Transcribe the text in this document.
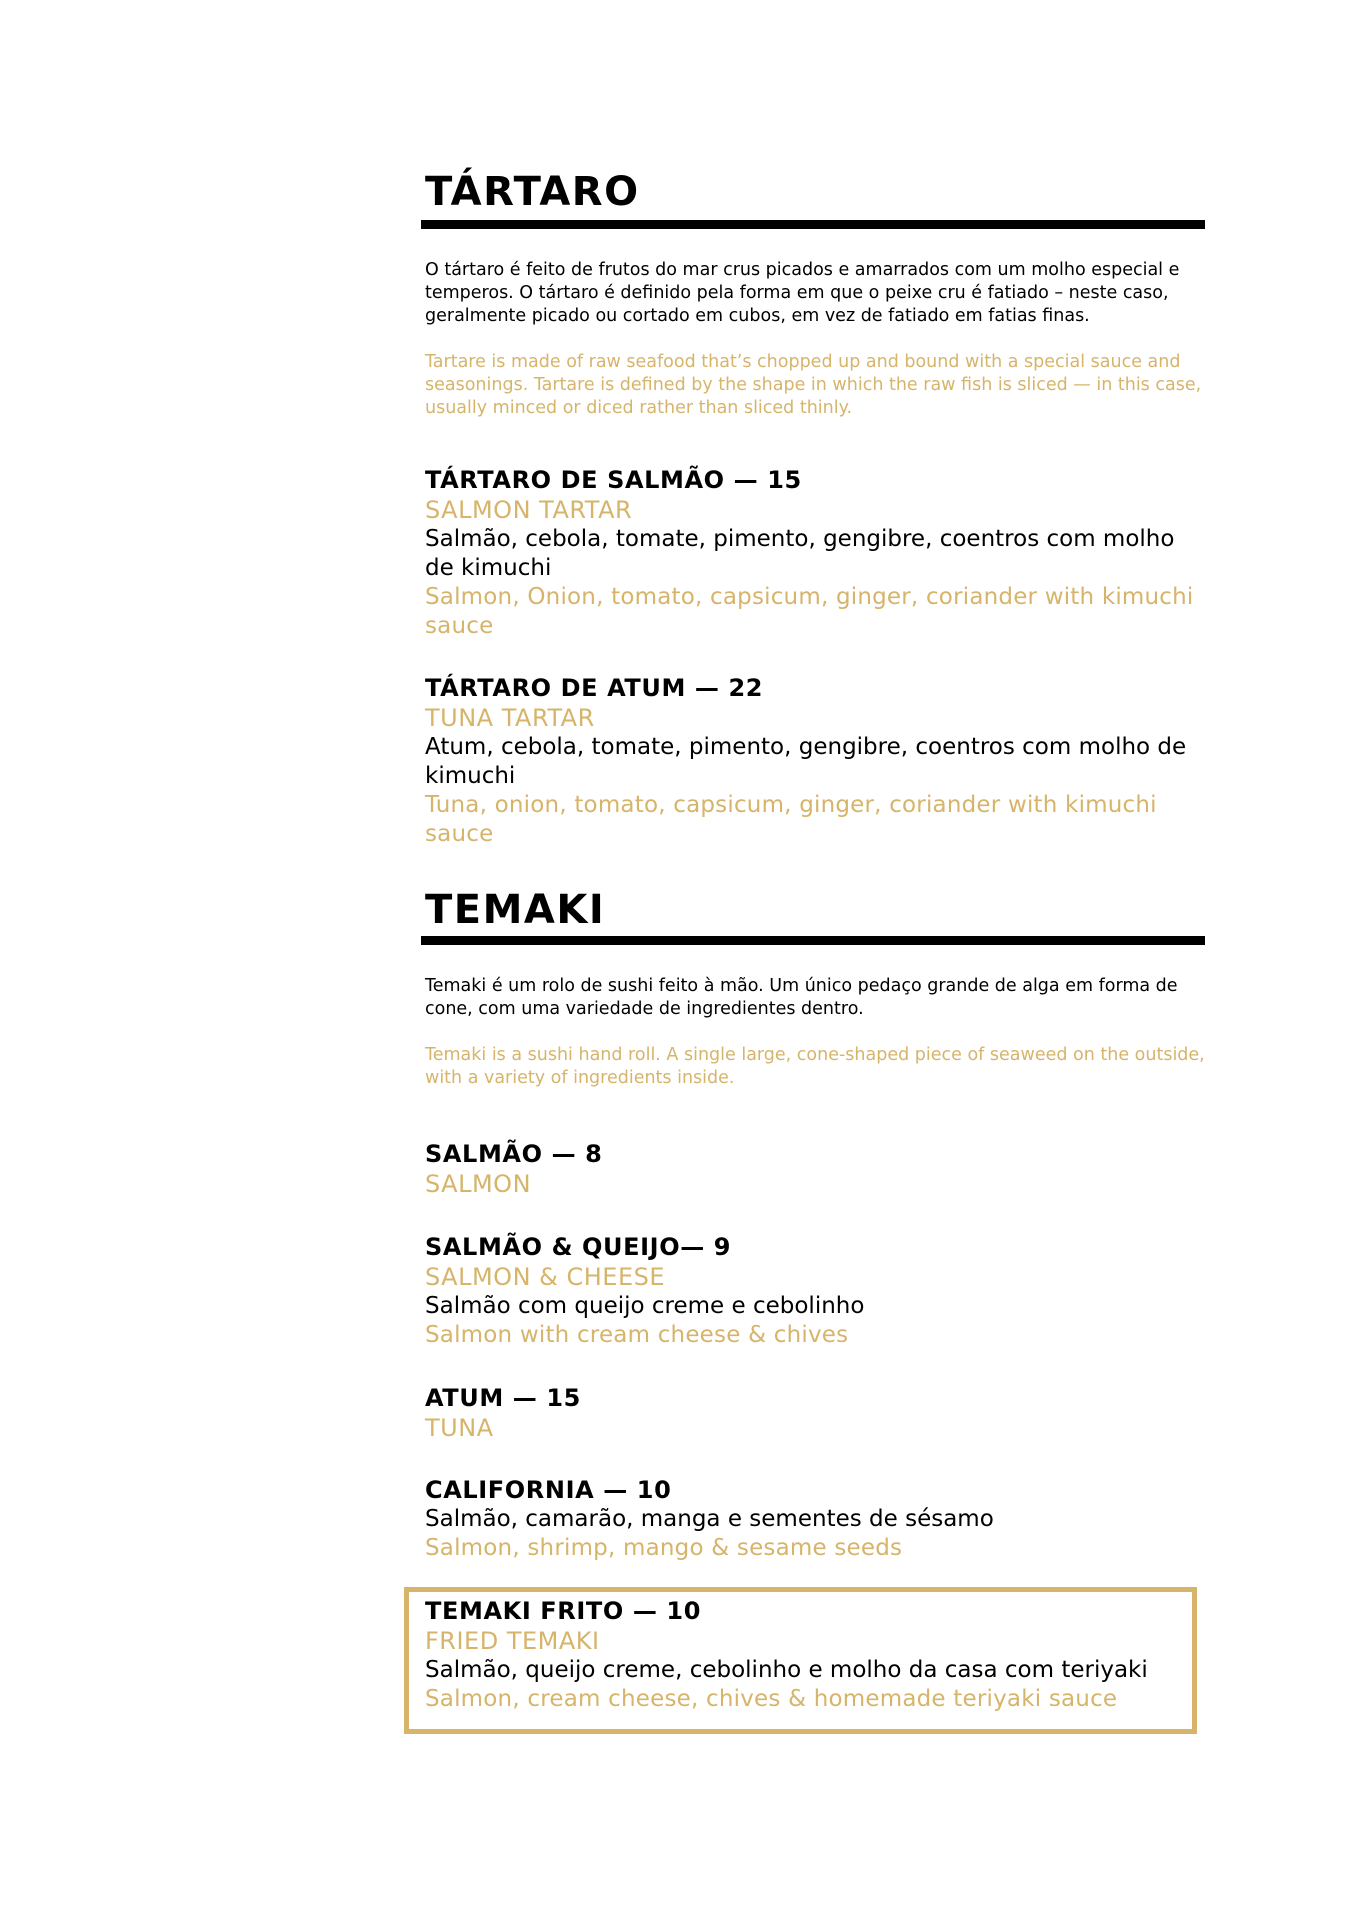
TÁRTARO

O tártaro é feito de frutos do mar crus picados e amarrados com um molho especial e temperos. O tártaro é definido pela forma em que o peixe cru é fatiado – neste caso, geralmente picado ou cortado em cubos, em vez de fatiado em fatias finas.

Tartare is made of raw seafood that’s chopped up and bound with a special sauce and seasonings. Tartare is defined by the shape in which the raw fish is sliced — in this case, usually minced or diced rather than sliced thinly.

TÁRTARO DE SALMÃO — 15

SALMON TARTAR

Salmão, cebola, tomate, pimento, gengibre, coentros com molho de kimuchi

Salmon, Onion, tomato, capsicum, ginger, coriander with kimuchi sauce

TÁRTARO DE ATUM — 22

TUNA TARTAR

Atum, cebola, tomate, pimento, gengibre, coentros com molho de kimuchi

Tuna, onion, tomato, capsicum, ginger, coriander with kimuchi sauce

TEMAKI

Temaki é um rolo de sushi feito à mão. Um único pedaço grande de alga em forma de cone, com uma variedade de ingredientes dentro.

Temaki is a sushi hand roll. A single large, cone-shaped piece of seaweed on the outside, with a variety of ingredients inside.

SALMÃO — 8

SALMON

SALMÃO & QUEIJO— 9

SALMON & CHEESE

Salmão com queijo creme e cebolinho

Salmon with cream cheese & chives

ATUM — 15

TUNA

CALIFORNIA — 10

Salmão, camarão, manga e sementes de sésamo

Salmon, shrimp, mango & sesame seeds

TEMAKI FRITO — 10

FRIED TEMAKI

Salmão, queijo creme, cebolinho e molho da casa com teriyaki

Salmon, cream cheese, chives & homemade teriyaki sauce
